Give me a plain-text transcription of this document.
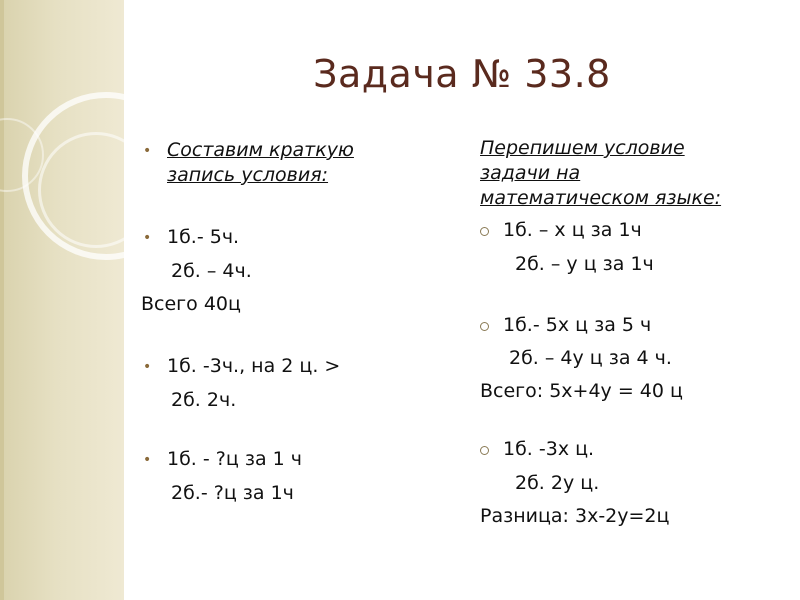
Задача № 33.8
• Составим краткую
запись условия:
• 1б.- 5ч.
2б. – 4ч.
Всего 40ц
• 1б. -3ч., на 2 ц. >
2б. 2ч.
• 1б. - ?ц за 1 ч
2б.- ?ц за 1ч
Перепишем условие
задачи на
математическом языке:
1б. – х ц за 1ч
2б. – у ц за 1ч
1б.- 5х ц за 5 ч
2б. – 4у ц за 4 ч.
Всего: 5х+4у = 40 ц
1б. -3х ц.
2б. 2у ц.
Разница: 3х-2у=2ц
